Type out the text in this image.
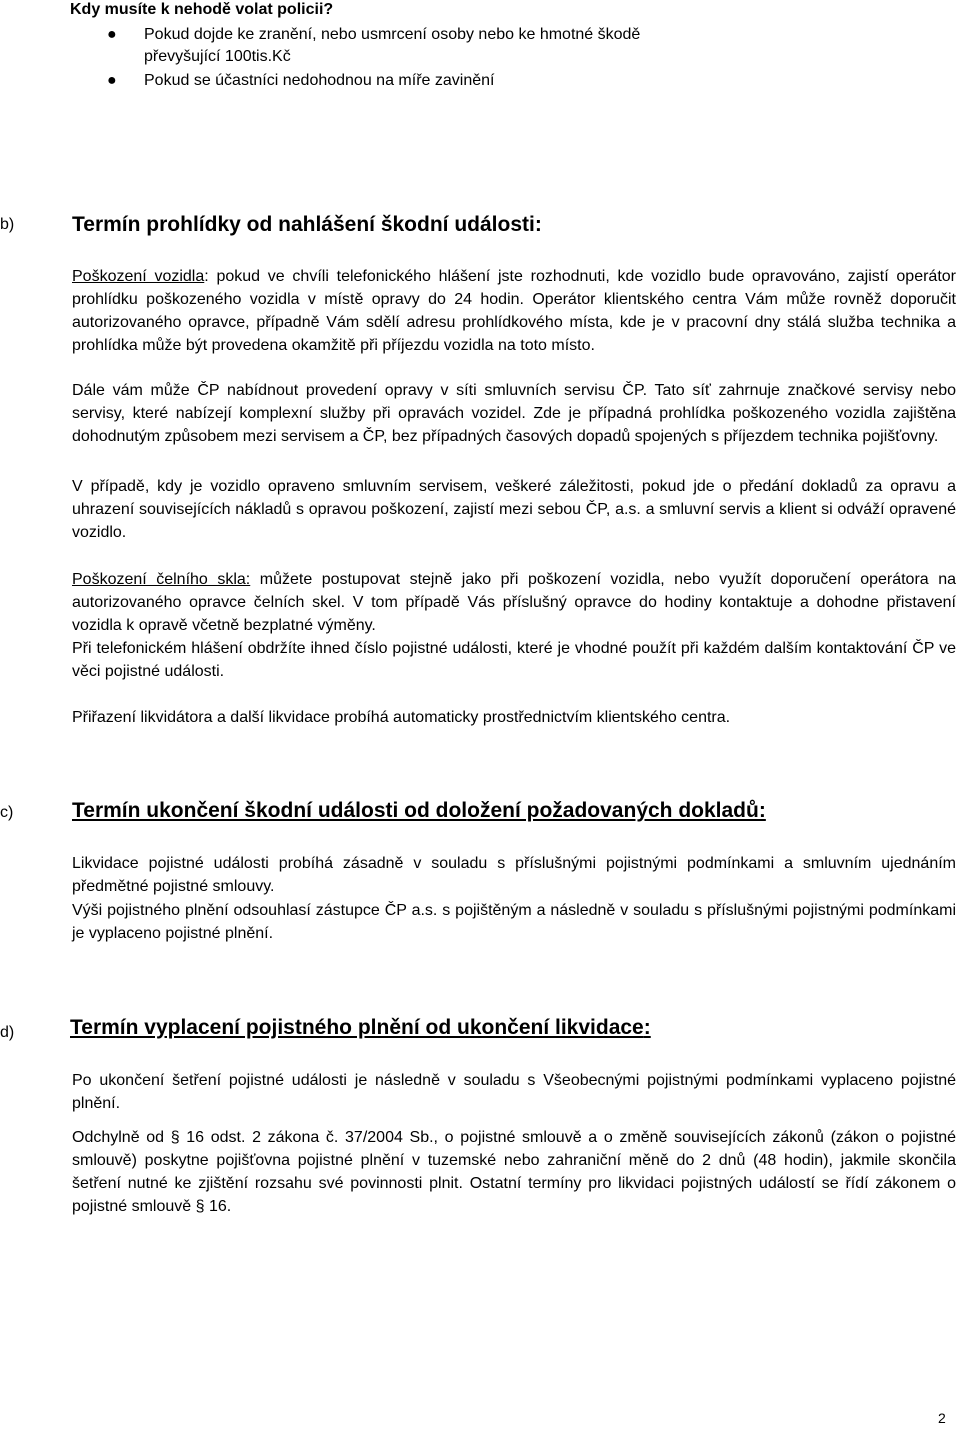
Kdy musíte k nehodě volat policii?
● Pokud dojde ke zranění, nebo usmrcení osoby nebo ke hmotné škodě převyšující 100tis.Kč
● Pokud se účastníci nedohodnou na míře zavinění
b)	Termín prohlídky od nahlášení škodní události:
Poškození vozidla: pokud ve chvíli telefonického hlášení jste rozhodnuti, kde vozidlo bude opravováno, zajistí operátor prohlídku poškozeného vozidla v místě opravy do 24 hodin. Operátor klientského centra Vám může rovněž doporučit autorizovaného opravce, případně Vám sdělí adresu prohlídkového místa, kde je v pracovní dny stálá služba technika a prohlídka může být provedena okamžitě při příjezdu vozidla na toto místo.
Dále vám může ČP nabídnout provedení opravy v síti smluvních servisu ČP. Tato síť zahrnuje značkové servisy nebo servisy, které nabízejí komplexní služby při opravách vozidel. Zde je případná prohlídka poškozeného vozidla zajištěna dohodnutým způsobem mezi servisem a ČP, bez případných časových dopadů spojených s příjezdem technika pojišťovny.
V případě, kdy je vozidlo opraveno smluvním servisem, veškeré záležitosti, pokud jde o předání dokladů za opravu a uhrazení souvisejících nákladů s opravou poškození, zajistí mezi sebou ČP, a.s. a smluvní servis a klient si odváží opravené vozidlo.
Poškození čelního skla: můžete postupovat stejně jako při poškození vozidla, nebo využít doporučení operátora na autorizovaného opravce čelních skel. V tom případě Vás příslušný opravce do hodiny kontaktuje a dohodne přistavení vozidla k opravě včetně bezplatné výměny.
Při telefonickém hlášení obdržíte ihned číslo pojistné události, které je vhodné použít při každém dalším kontaktování ČP ve věci pojistné události.
Přiřazení likvidátora a další likvidace probíhá automaticky prostřednictvím klientského centra.
c)	Termín ukončení škodní události od doložení požadovaných dokladů:
Likvidace pojistné události probíhá zásadně v souladu s příslušnými pojistnými podmínkami a smluvním ujednáním předmětné pojistné smlouvy.
Výši pojistného plnění odsouhlasí zástupce ČP a.s. s pojištěným a následně v souladu s příslušnými pojistnými podmínkami je vyplaceno pojistné plnění.
d)	Termín vyplacení pojistného plnění od ukončení likvidace:
Po ukončení šetření pojistné události je následně v souladu s Všeobecnými pojistnými podmínkami vyplaceno pojistné plnění.
Odchylně od § 16 odst. 2 zákona č. 37/2004 Sb., o pojistné smlouvě a o změně souvisejících zákonů (zákon o pojistné smlouvě) poskytne pojišťovna pojistné plnění v tuzemské nebo zahraniční měně do 2 dnů (48 hodin), jakmile skončila šetření nutné ke zjištění rozsahu své povinnosti plnit. Ostatní termíny pro likvidaci pojistných událostí se řídí zákonem o pojistné smlouvě § 16.
2
